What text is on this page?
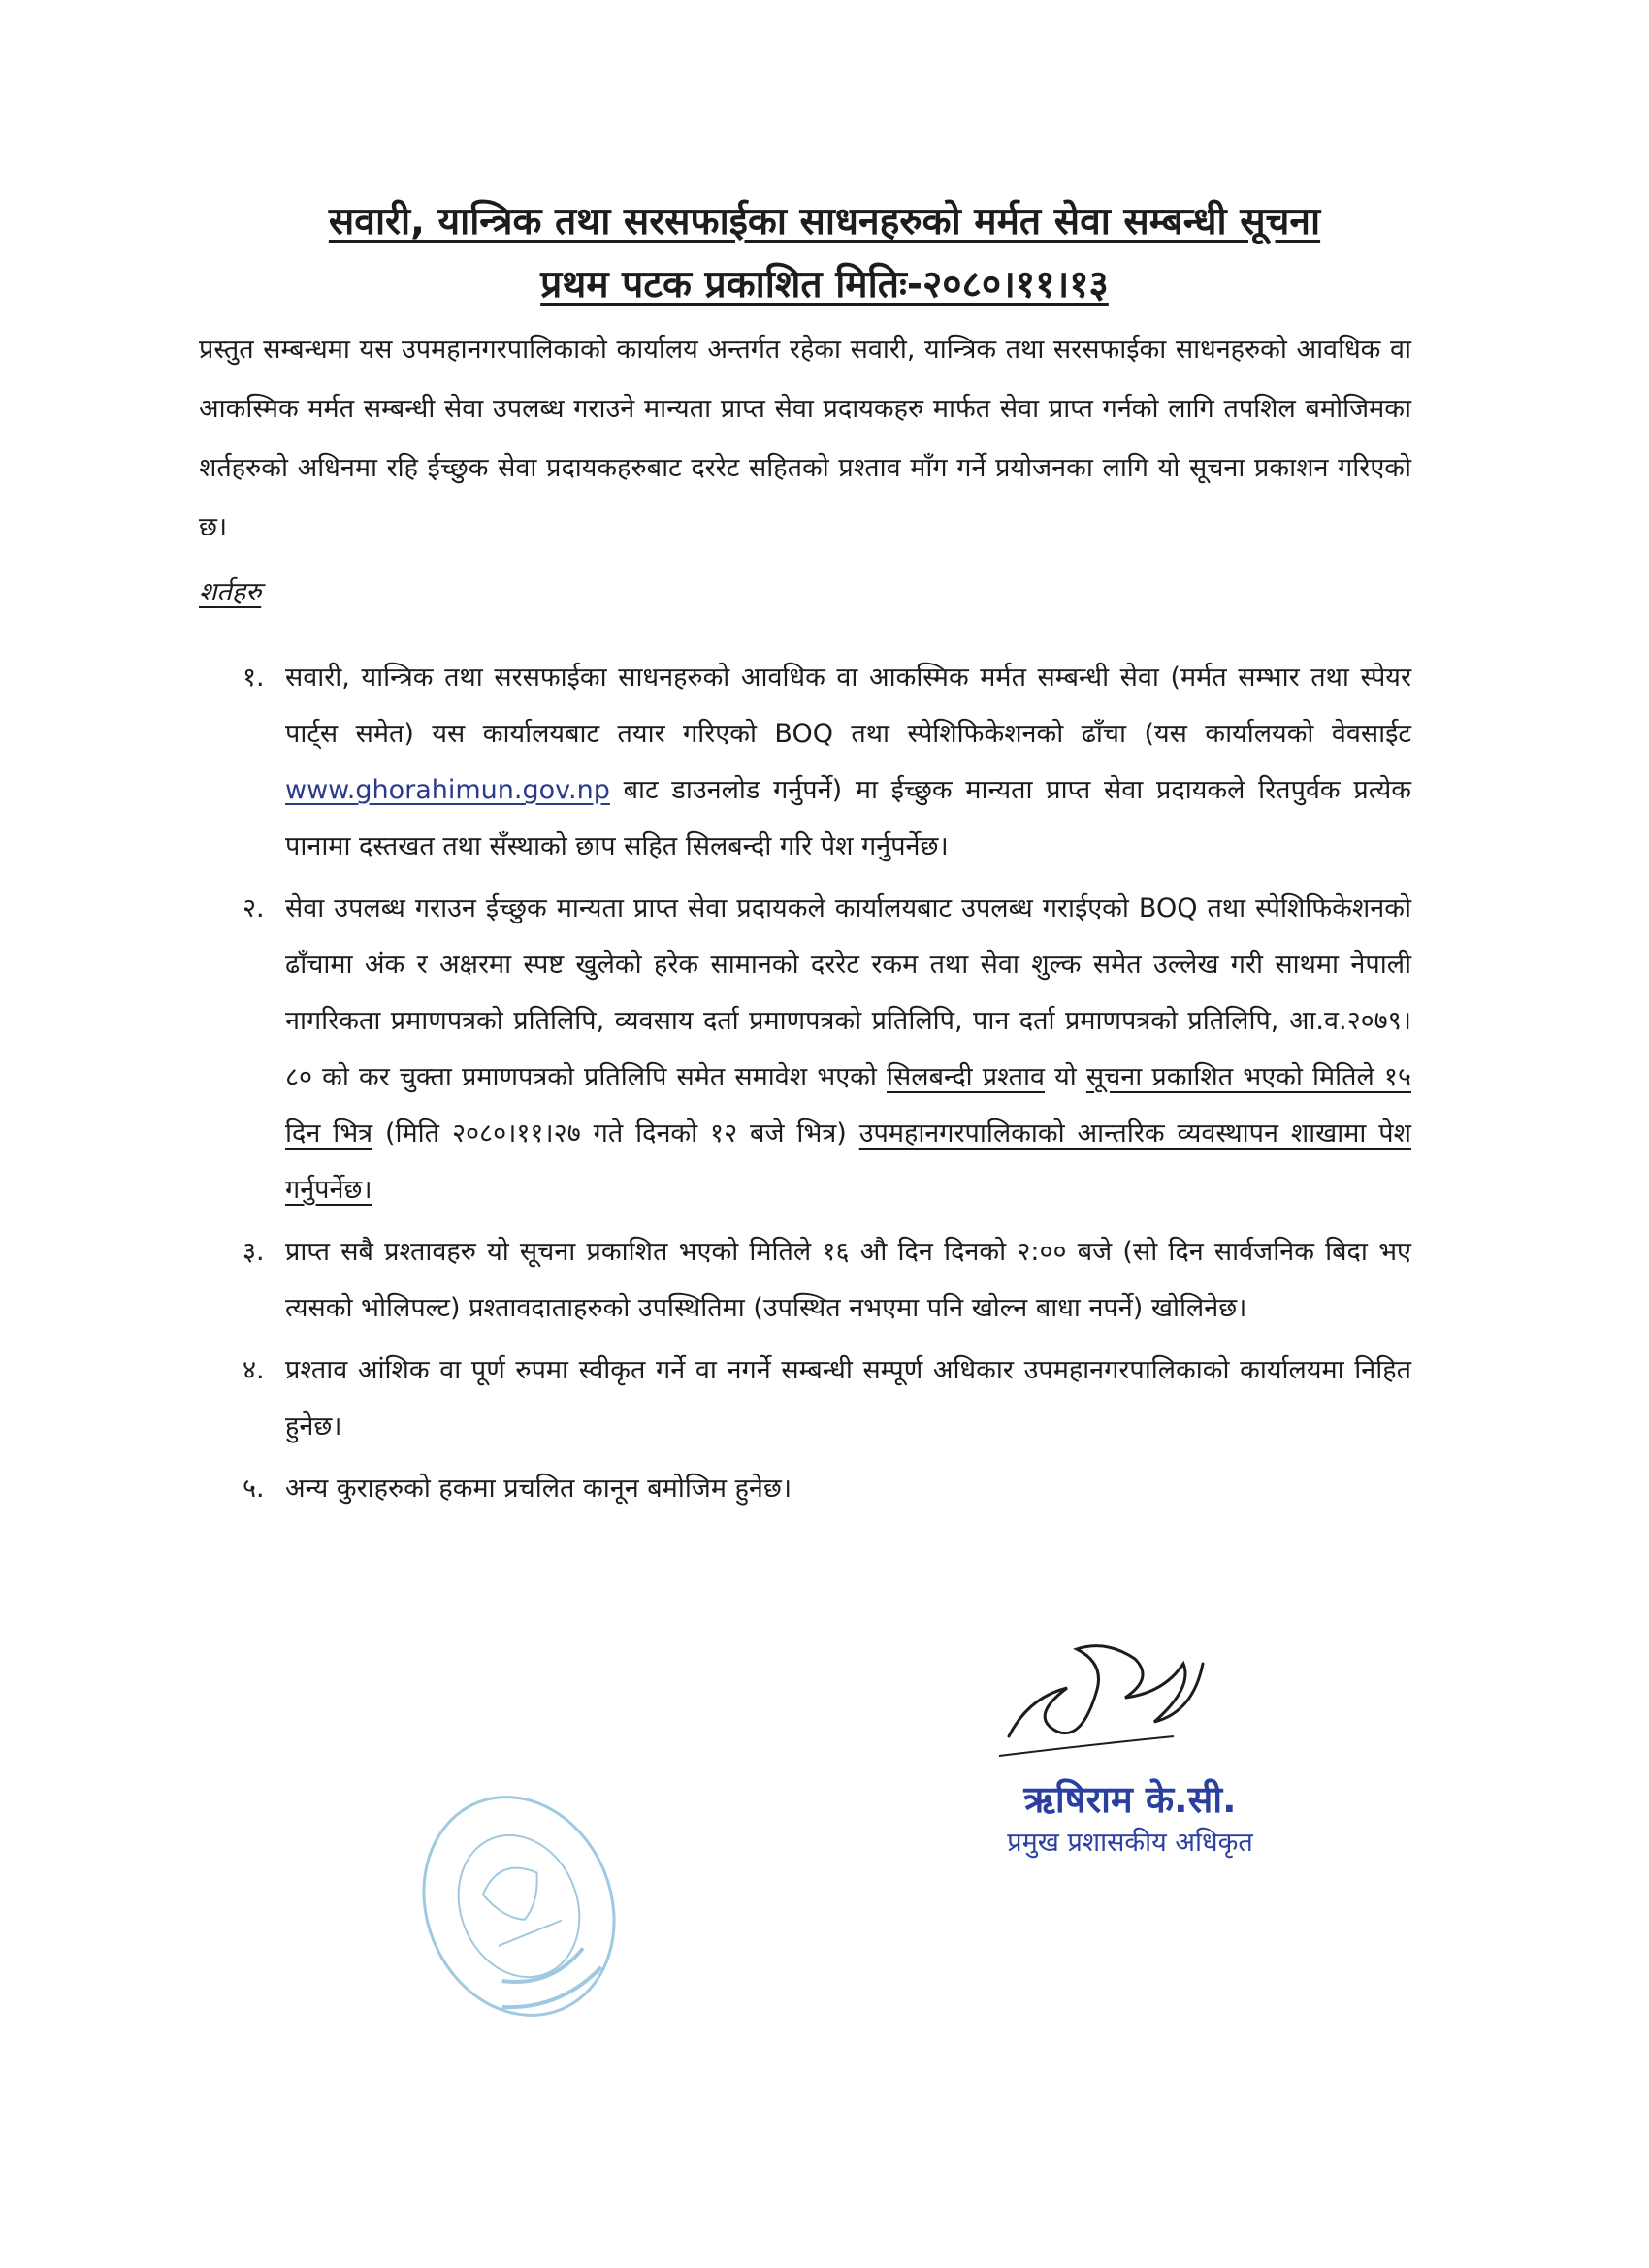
सवारी, यान्त्रिक तथा सरसफाईका साधनहरुको मर्मत सेवा सम्बन्धी सूचना
प्रथम पटक प्रकाशित मितिः-२०८०।११।१३

प्रस्तुत सम्बन्धमा यस उपमहानगरपालिकाको कार्यालय अन्तर्गत रहेका सवारी, यान्त्रिक तथा सरसफाईका साधनहरुको आवधिक वा आकस्मिक मर्मत सम्बन्धी सेवा उपलब्ध गराउने मान्यता प्राप्त सेवा प्रदायकहरु मार्फत सेवा प्राप्त गर्नको लागि तपशिल बमोजिमका शर्तहरुको अधिनमा रहि ईच्छुक सेवा प्रदायकहरुबाट दररेट सहितको प्रश्ताव माँग गर्ने प्रयोजनका लागि यो सूचना प्रकाशन गरिएको छ।

शर्तहरु

१. सवारी, यान्त्रिक तथा सरसफाईका साधनहरुको आवधिक वा आकस्मिक मर्मत सम्बन्धी सेवा (मर्मत सम्भार तथा स्पेयर पार्ट्स समेत) यस कार्यालयबाट तयार गरिएको BOQ तथा स्पेशिफिकेशनको ढाँचा (यस कार्यालयको वेवसाईट www.ghorahimun.gov.np बाट डाउनलोड गर्नुपर्ने) मा ईच्छुक मान्यता प्राप्त सेवा प्रदायकले रितपुर्वक प्रत्येक पानामा दस्तखत तथा सँस्थाको छाप सहित सिलबन्दी गरि पेश गर्नुपर्नेछ।
२. सेवा उपलब्ध गराउन ईच्छुक मान्यता प्राप्त सेवा प्रदायकले कार्यालयबाट उपलब्ध गराईएको BOQ तथा स्पेशिफिकेशनको ढाँचामा अंक र अक्षरमा स्पष्ट खुलेको हरेक सामानको दररेट रकम तथा सेवा शुल्क समेत उल्लेख गरी साथमा नेपाली नागरिकता प्रमाणपत्रको प्रतिलिपि, व्यवसाय दर्ता प्रमाणपत्रको प्रतिलिपि, पान दर्ता प्रमाणपत्रको प्रतिलिपि, आ.व.२०७९।८० को कर चुक्ता प्रमाणपत्रको प्रतिलिपि समेत समावेश भएको सिलबन्दी प्रश्ताव यो सूचना प्रकाशित भएको मितिले १५ दिन भित्र (मिति २०८०।११।२७ गते दिनको १२ बजे भित्र) उपमहानगरपालिकाको आन्तरिक व्यवस्थापन शाखामा पेश गर्नुपर्नेछ।
३. प्राप्त सबै प्रश्तावहरु यो सूचना प्रकाशित भएको मितिले १६ औ दिन दिनको २:०० बजे (सो दिन सार्वजनिक बिदा भए त्यसको भोलिपल्ट) प्रश्तावदाताहरुको उपस्थितिमा (उपस्थित नभएमा पनि खोल्न बाधा नपर्ने) खोलिनेछ।
४. प्रश्ताव आंशिक वा पूर्ण रुपमा स्वीकृत गर्ने वा नगर्ने सम्बन्धी सम्पूर्ण अधिकार उपमहानगरपालिकाको कार्यालयमा निहित हुनेछ।
५. अन्य कुराहरुको हकमा प्रचलित कानून बमोजिम हुनेछ।

ऋषिराम के.सी.

प्रमुख प्रशासकीय अधिकृत
